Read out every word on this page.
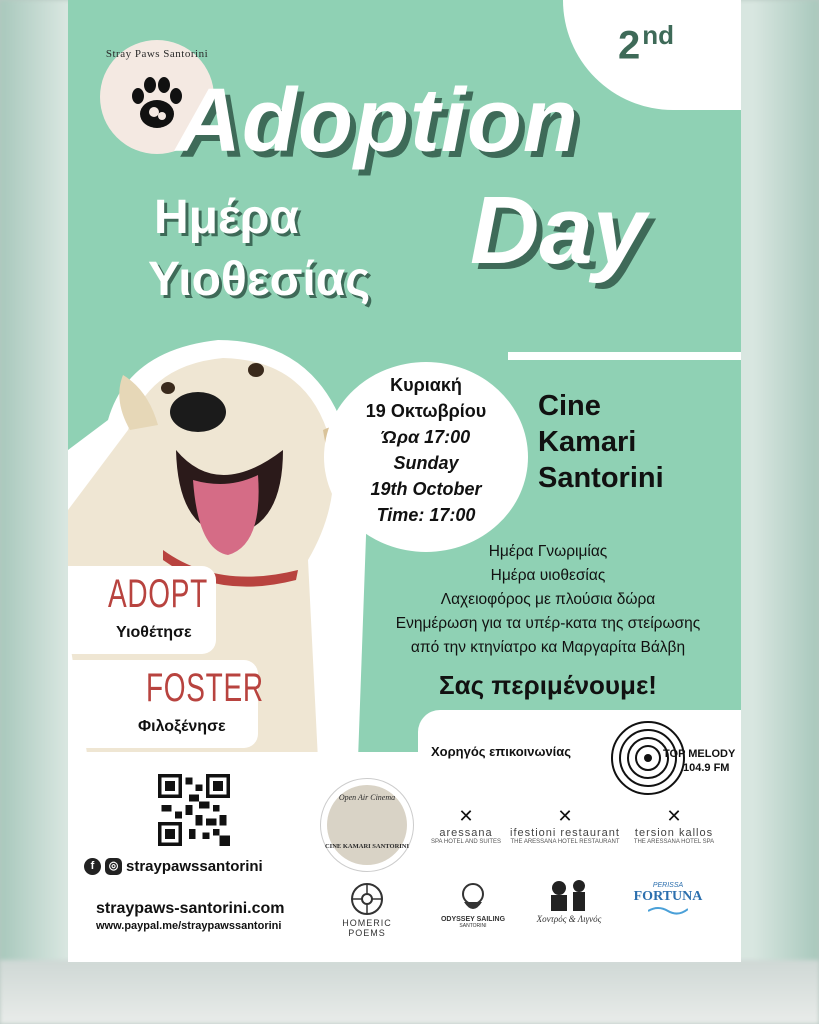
2nd
Stray Paws Santorini
Adoption
Ημέρα
Υιοθεσίας Day
Κυριακή
19 Οκτωβρίου
Ώρα 17:00
Sunday
19th October
Time: 17:00
Cine
Kamari
Santorini
Ημέρα Γνωριμίας
Ημέρα υιοθεσίας
Λαχειοφόρος με πλούσια δώρα
Ενημέρωση για τα υπέρ-κατα της στείρωσης
από την κτηνίατρο κα Μαργαρίτα Βάλβη
Σας περιμένουμε!
ADOPT
Υιοθέτησε
FOSTER
Φιλοξένησε
Χορηγός επικοινωνίας	TOP MELODY
104.9 FM
f	◎ straypawssantorini
straypaws-santorini.com
www.paypal.me/straypawssantorini
Open Air Cinema
CINE KAMARI SANTORINI
✕
aressana
SPA HOTEL AND SUITES
✕
ifestioni restaurant
THE ARESSANA HOTEL RESTAURANT
✕
tersion kallos
THE ARESSANA HOTEL SPA
HOMERIC POEMS
ODYSSEY SAILING
SANTORINI
Χοντρός & Λιγνός
PERISSA
FORTUNA
